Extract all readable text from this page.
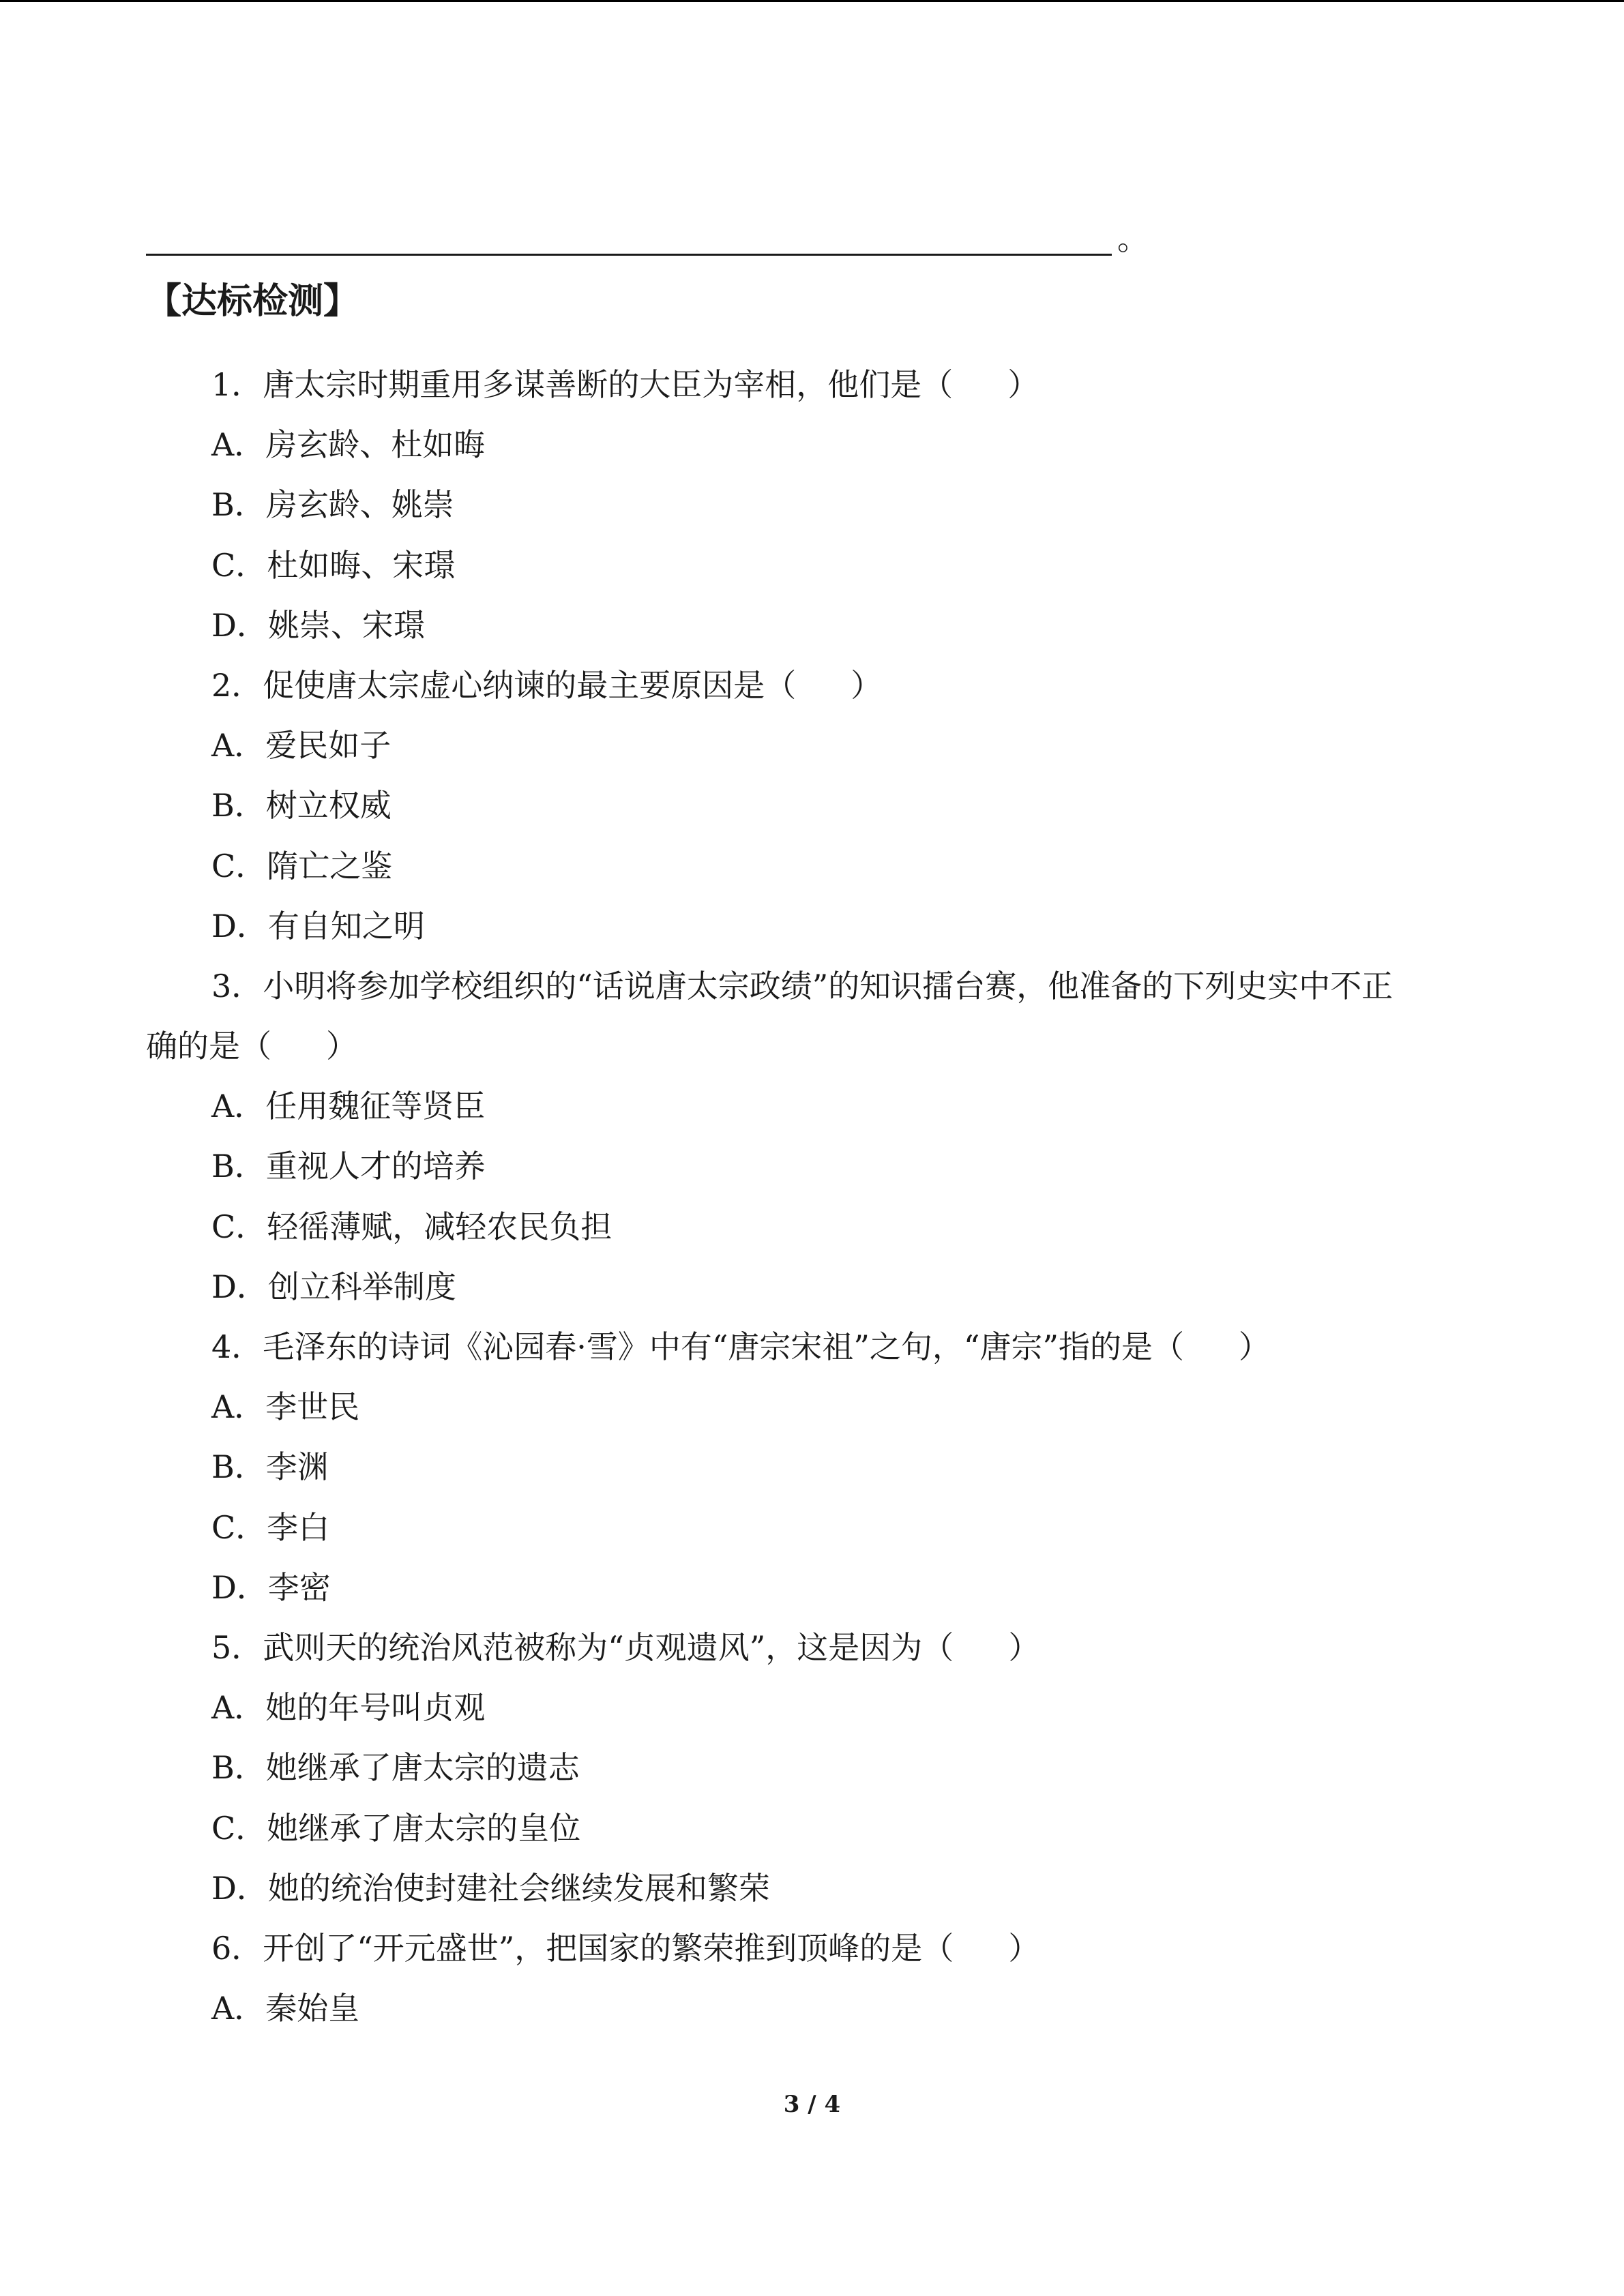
。
【达标检测】
1．唐太宗时期重用多谋善断的大臣为宰相，他们是（ ）
A．房玄龄、杜如晦
B．房玄龄、姚崇
C．杜如晦、宋璟
D．姚崇、宋璟
2．促使唐太宗虚心纳谏的最主要原因是（ ）
A．爱民如子
B．树立权威
C．隋亡之鉴
D．有自知之明
3．小明将参加学校组织的“话说唐太宗政绩”的知识擂台赛，他准备的下列史实中不正
确的是（ ）
A．任用魏征等贤臣
B．重视人才的培养
C．轻徭薄赋，减轻农民负担
D．创立科举制度
4．毛泽东的诗词《沁园春·雪》中有“唐宗宋祖”之句，“唐宗”指的是（ ）
A．李世民
B．李渊
C．李白
D．李密
5．武则天的统治风范被称为“贞观遗风”，这是因为（ ）
A．她的年号叫贞观
B．她继承了唐太宗的遗志
C．她继承了唐太宗的皇位
D．她的统治使封建社会继续发展和繁荣
6．开创了“开元盛世”，把国家的繁荣推到顶峰的是（ ）
A．秦始皇
3 / 4
